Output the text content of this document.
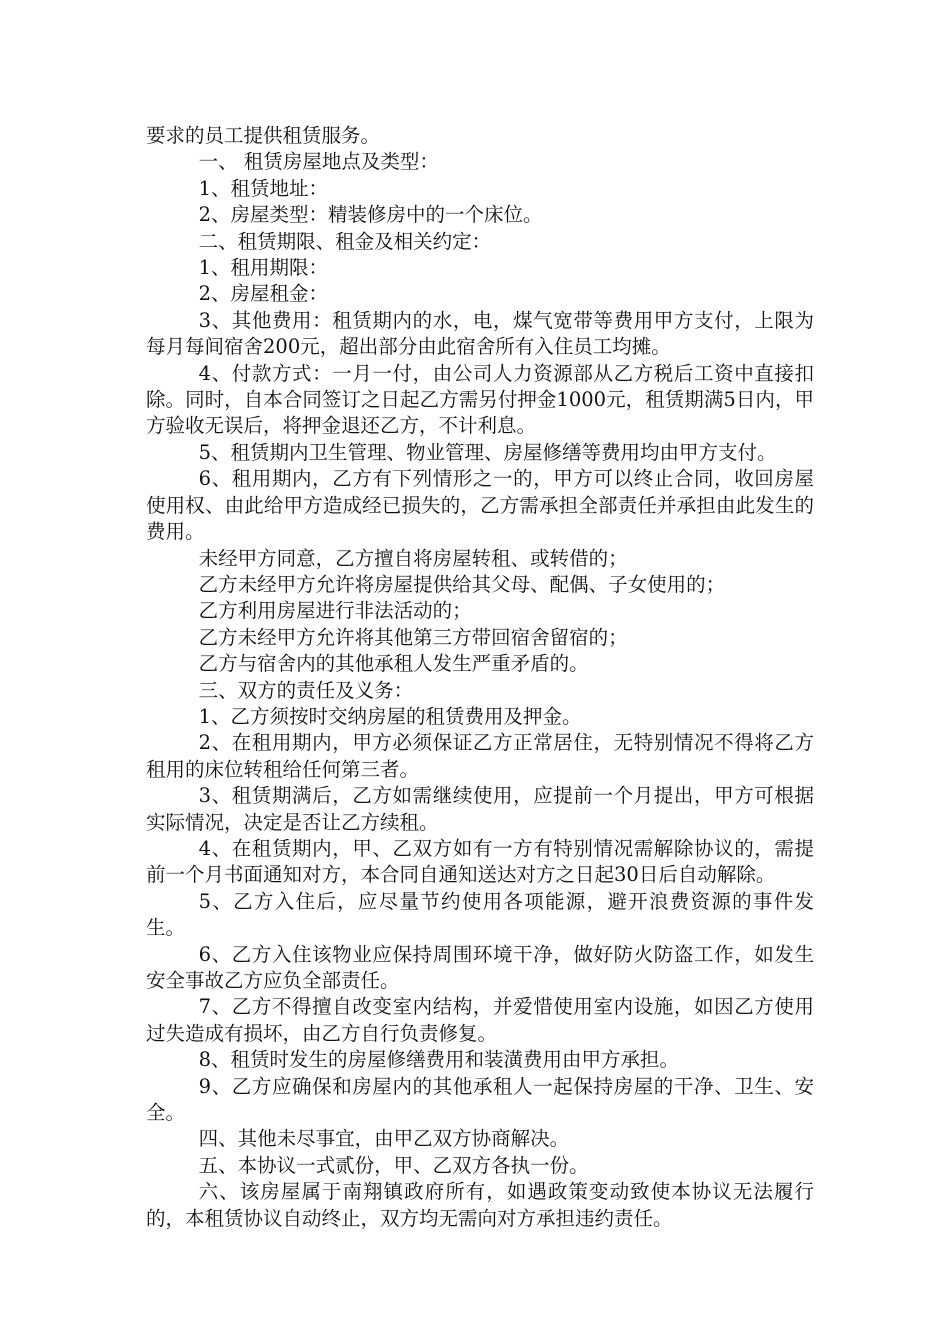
要求的员工提供租赁服务。

一、 租赁房屋地点及类型：

1、租赁地址：

2、房屋类型：精装修房中的一个床位。

二、租赁期限、租金及相关约定：

1、租用期限：

2、房屋租金：

3、其他费用：租赁期内的水，电，煤气宽带等费用甲方支付，上限为每月每间宿舍200元，超出部分由此宿舍所有入住员工均摊。

4、付款方式：一月一付，由公司人力资源部从乙方税后工资中直接扣除。同时，自本合同签订之日起乙方需另付押金1000元，租赁期满5日内，甲方验收无误后，将押金退还乙方，不计利息。

5、租赁期内卫生管理、物业管理、房屋修缮等费用均由甲方支付。

6、租用期内，乙方有下列情形之一的，甲方可以终止合同，收回房屋使用权、由此给甲方造成经已损失的，乙方需承担全部责任并承担由此发生的费用。

未经甲方同意，乙方擅自将房屋转租、或转借的；

乙方未经甲方允许将房屋提供给其父母、配偶、子女使用的；

乙方利用房屋进行非法活动的；

乙方未经甲方允许将其他第三方带回宿舍留宿的；

乙方与宿舍内的其他承租人发生严重矛盾的。

三、双方的责任及义务：

1、乙方须按时交纳房屋的租赁费用及押金。

2、在租用期内，甲方必须保证乙方正常居住，无特别情况不得将乙方租用的床位转租给任何第三者。

3、租赁期满后，乙方如需继续使用，应提前一个月提出，甲方可根据实际情况，决定是否让乙方续租。

4、在租赁期内，甲、乙双方如有一方有特别情况需解除协议的，需提前一个月书面通知对方，本合同自通知送达对方之日起30日后自动解除。

5、乙方入住后，应尽量节约使用各项能源，避开浪费资源的事件发生。

6、乙方入住该物业应保持周围环境干净，做好防火防盗工作，如发生安全事故乙方应负全部责任。

7、乙方不得擅自改变室内结构，并爱惜使用室内设施，如因乙方使用过失造成有损坏，由乙方自行负责修复。

8、租赁时发生的房屋修缮费用和装潢费用由甲方承担。

9、乙方应确保和房屋内的其他承租人一起保持房屋的干净、卫生、安全。

四、其他未尽事宜，由甲乙双方协商解决。

五、本协议一式贰份，甲、乙双方各执一份。

六、该房屋属于南翔镇政府所有，如遇政策变动致使本协议无法履行的，本租赁协议自动终止，双方均无需向对方承担违约责任。
